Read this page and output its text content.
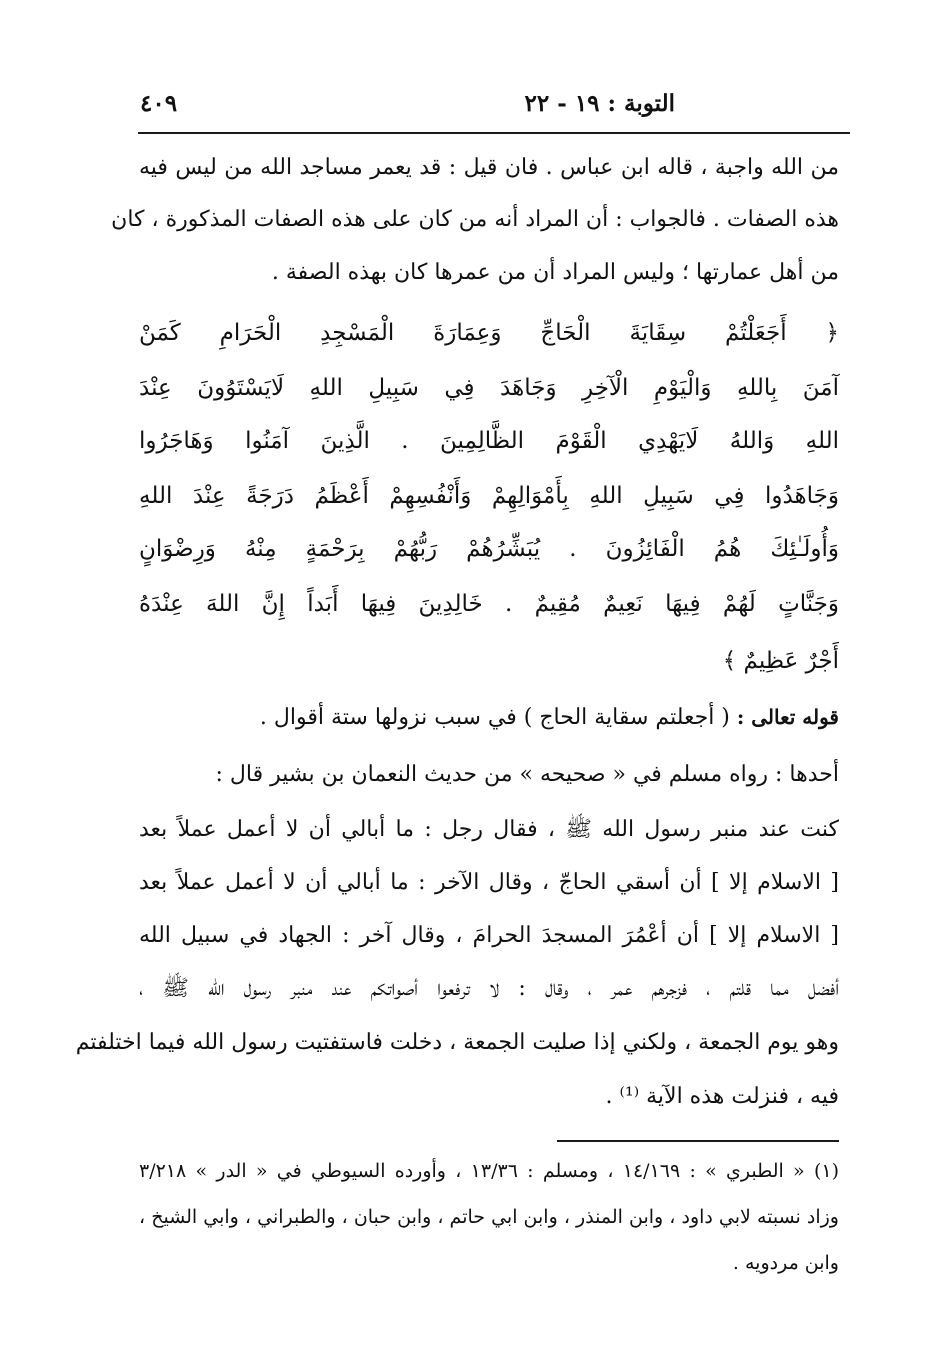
التوبة : ١٩ - ٢٢
٤٠٩
من الله واجبة ، قاله ابن عباس . فان قيل : قد يعمر مساجد الله من ليس فيه
هذه الصفات . فالجواب : أن المراد أنه من كان على هذه الصفات المذكورة ، كان
من أهل عمارتها ؛ وليس المراد أن من عمرها كان بهذه الصفة .
﴿ أَجَعَلْتُمْ سِقَايَةَ الْحَاجِّ وَعِمَارَةَ الْمَسْجِدِ الْحَرَامِ كَمَنْ
آمَنَ بِاللهِ وَالْيَوْمِ الْآخِرِ وَجَاهَدَ فِي سَبِيلِ اللهِ لَايَسْتَوُونَ عِنْدَ
اللهِ وَاللهُ لَايَهْدِي الْقَوْمَ الظَّالِمِينَ . الَّذِينَ آمَنُوا وَهَاجَرُوا
وَجَاهَدُوا فِي سَبِيلِ اللهِ بِأَمْوَالِهِمْ وَأَنْفُسِهِمْ أَعْظَمُ دَرَجَةً عِنْدَ اللهِ
وَأُولَـٰئِكَ هُمُ الْفَائِزُونَ . يُبَشِّرُهُمْ رَبُّهُمْ بِرَحْمَةٍ مِنْهُ وَرِضْوَانٍ
وَجَنَّاتٍ لَهُمْ فِيهَا نَعِيمٌ مُقِيمٌ . خَالِدِينَ فِيهَا أَبَداً إِنَّ اللهَ عِنْدَهُ
أَجْرٌ عَظِيمٌ ﴾
قوله تعالى : ( أجعلتم سقاية الحاج ) في سبب نزولها ستة أقوال .
أحدها : رواه مسلم في « صحيحه » من حديث النعمان بن بشير قال :
كنت عند منبر رسول الله ﷺ ، فقال رجل : ما أبالي أن لا أعمل عملاً بعد
[ الاسلام إلا ] أن أسقي الحاجّ ، وقال الآخر : ما أبالي أن لا أعمل عملاً بعد
[ الاسلام إلا ] أن أعْمُرَ المسجدَ الحرامَ ، وقال آخر : الجهاد في سبيل الله
أفضل مما قلتم ، فزجرهم عمر ، وقال : لا ترفعوا أصواتكم عند منبر رسول الله ﷺ ،
وهو يوم الجمعة ، ولكني إذا صليت الجمعة ، دخلت فاستفتيت رسول الله فيما اختلفتم
فيه ، فنزلت هذه الآية ⁽¹⁾ .
(١) « الطبري » : ١٤/١٦٩ ، ومسلم : ١٣/٣٦ ، وأورده السيوطي في « الدر » ٣/٢١٨
وزاد نسبته لابي داود ، وابن المنذر ، وابن ابي حاتم ، وابن حبان ، والطبراني ، وابي الشيخ ،
وابن مردويه .
